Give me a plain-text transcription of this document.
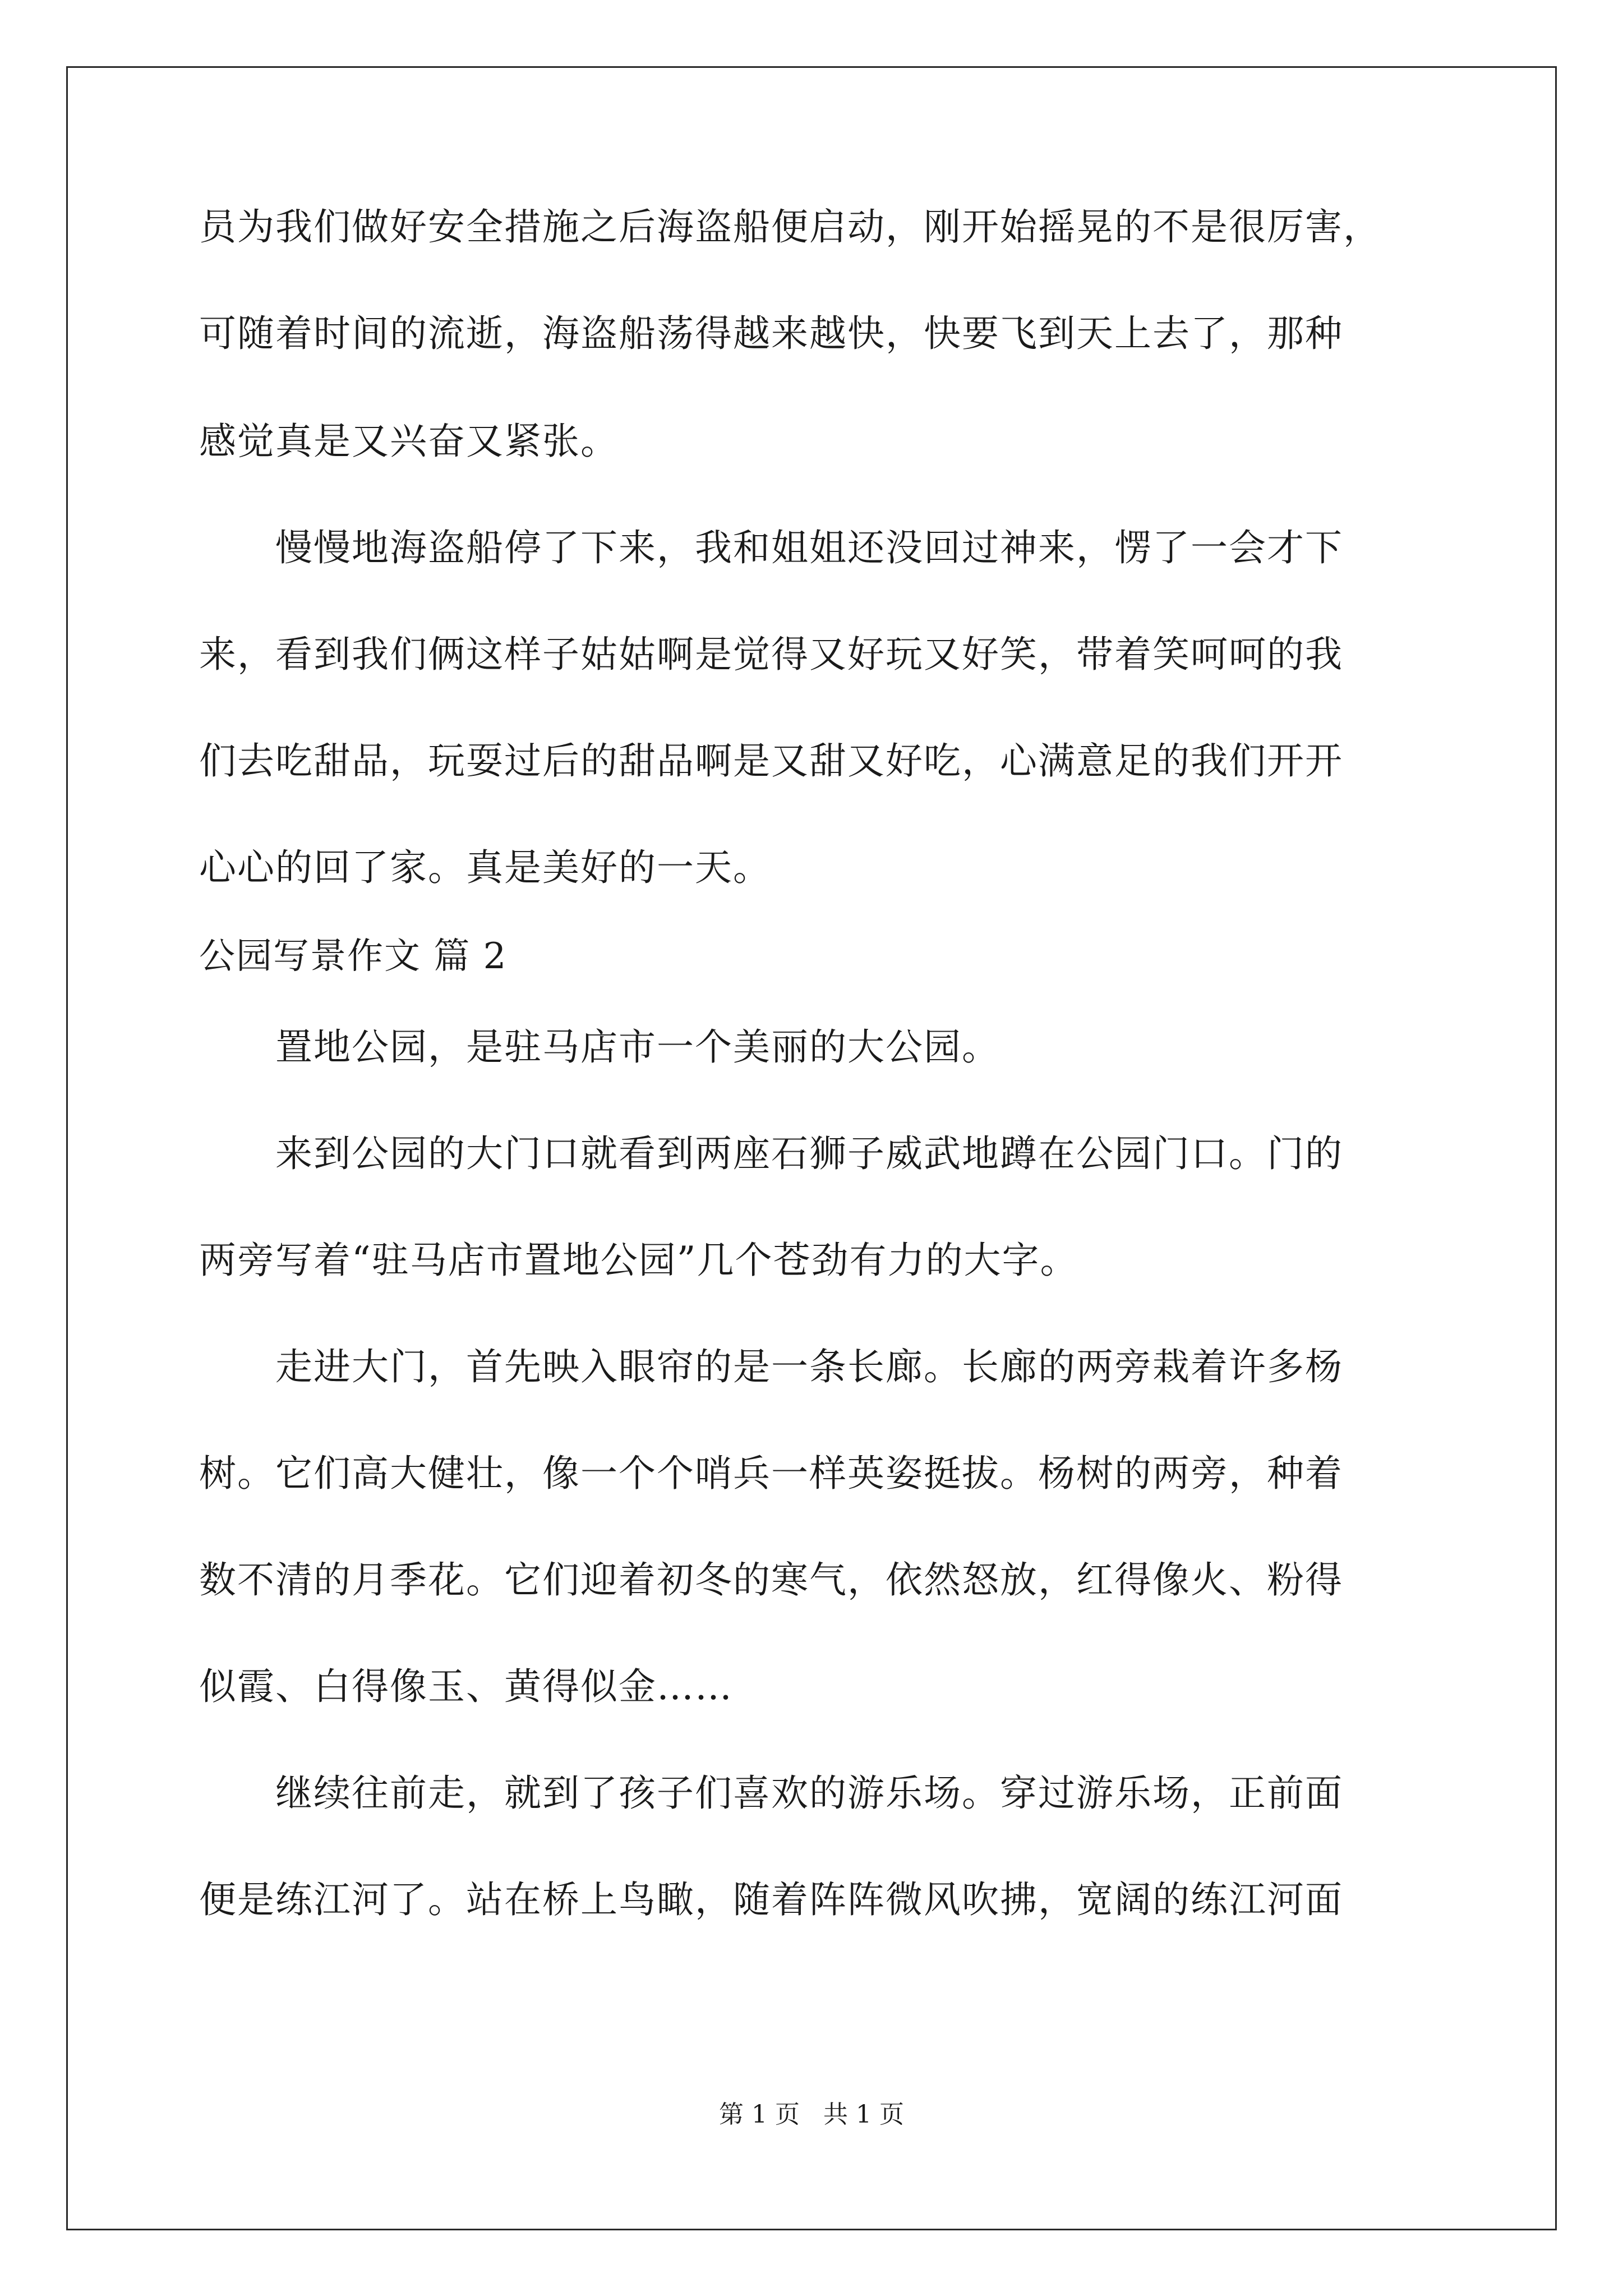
员为我们做好安全措施之后海盗船便启动，刚开始摇晃的不是很厉害，
可随着时间的流逝，海盗船荡得越来越快，快要飞到天上去了，那种
感觉真是又兴奋又紧张。
　　慢慢地海盗船停了下来，我和姐姐还没回过神来，愣了一会才下
来，看到我们俩这样子姑姑啊是觉得又好玩又好笑，带着笑呵呵的我
们去吃甜品，玩耍过后的甜品啊是又甜又好吃，心满意足的我们开开
心心的回了家。真是美好的一天。
公园写景作文 篇 2
　　置地公园，是驻马店市一个美丽的大公园。
　　来到公园的大门口就看到两座石狮子威武地蹲在公园门口。门的
两旁写着“驻马店市置地公园”几个苍劲有力的大字。
　　走进大门，首先映入眼帘的是一条长廊。长廊的两旁栽着许多杨
树。它们高大健壮，像一个个哨兵一样英姿挺拔。杨树的两旁，种着
数不清的月季花。它们迎着初冬的寒气，依然怒放，红得像火、粉得
似霞、白得像玉、黄得似金……
　　继续往前走，就到了孩子们喜欢的游乐场。穿过游乐场，正前面
便是练江河了。站在桥上鸟瞰，随着阵阵微风吹拂，宽阔的练江河面
第 1 页   共 1 页
